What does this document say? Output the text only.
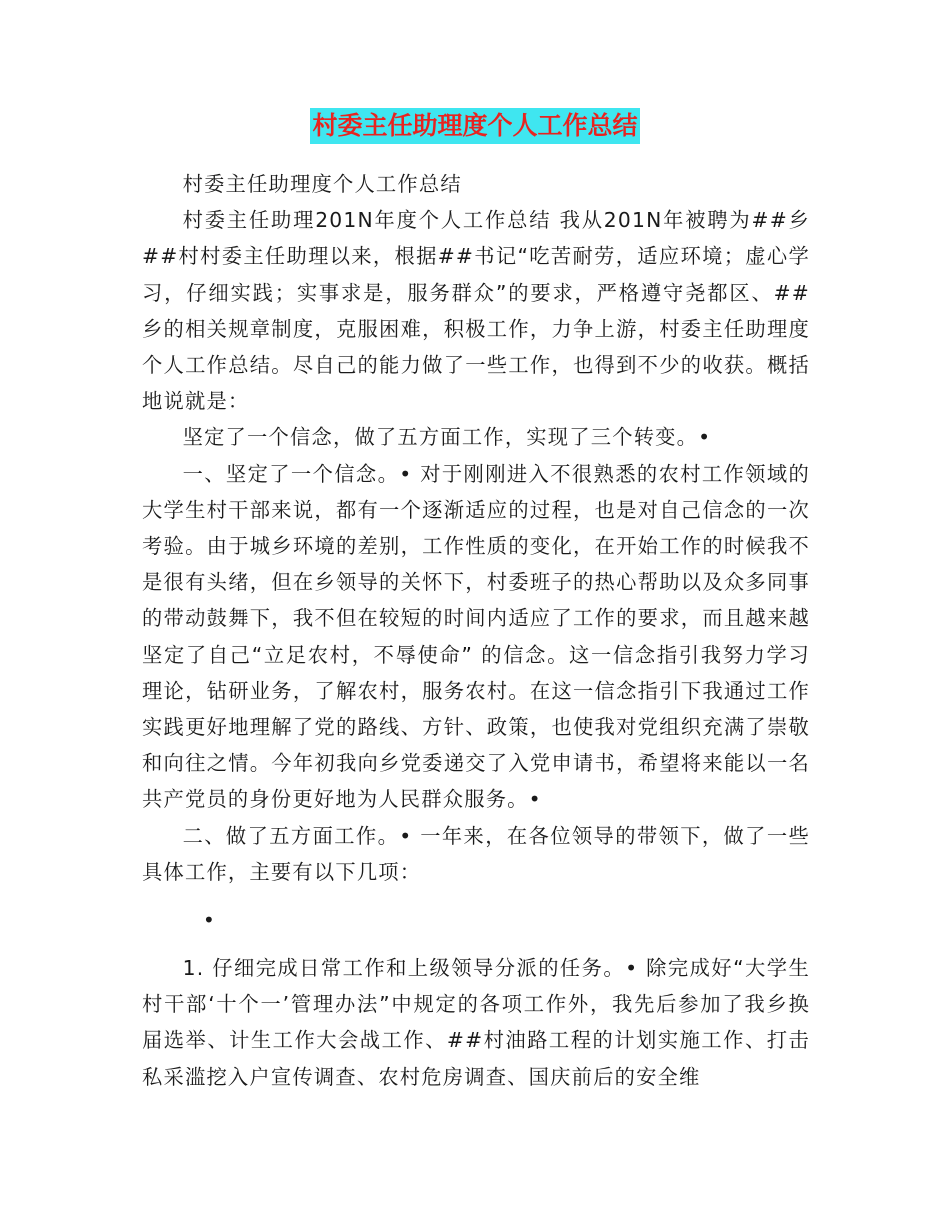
村委主任助理度个人工作总结

村委主任助理度个人工作总结

村委主任助理201N年度个人工作总结 我从201N年被聘为##乡##村村委主任助理以来，根据##书记“吃苦耐劳，适应环境；虚心学习，仔细实践；实事求是，服务群众”的要求，严格遵守尧都区、##乡的相关规章制度，克服困难，积极工作，力争上游，村委主任助理度个人工作总结。尽自己的能力做了一些工作，也得到不少的收获。概括地说就是：

坚定了一个信念，做了五方面工作，实现了三个转变。•

一、坚定了一个信念。• 对于刚刚进入不很熟悉的农村工作领域的大学生村干部来说，都有一个逐渐适应的过程，也是对自己信念的一次考验。由于城乡环境的差别，工作性质的变化，在开始工作的时候我不是很有头绪，但在乡领导的关怀下，村委班子的热心帮助以及众多同事的带动鼓舞下，我不但在较短的时间内适应了工作的要求，而且越来越坚定了自己“立足农村，不辱使命” 的信念。这一信念指引我努力学习理论，钻研业务，了解农村，服务农村。在这一信念指引下我通过工作实践更好地理解了党的路线、方针、政策，也使我对党组织充满了崇敬和向往之情。今年初我向乡党委递交了入党申请书，希望将来能以一名共产党员的身份更好地为人民群众服务。•

二、做了五方面工作。• 一年来，在各位领导的带领下，做了一些具体工作，主要有以下几项：

•

1. 仔细完成日常工作和上级领导分派的任务。• 除完成好“大学生村干部‘十个一’管理办法”中规定的各项工作外，我先后参加了我乡换届选举、计生工作大会战工作、##村油路工程的计划实施工作、打击私采滥挖入户宣传调查、农村危房调查、国庆前后的安全维
